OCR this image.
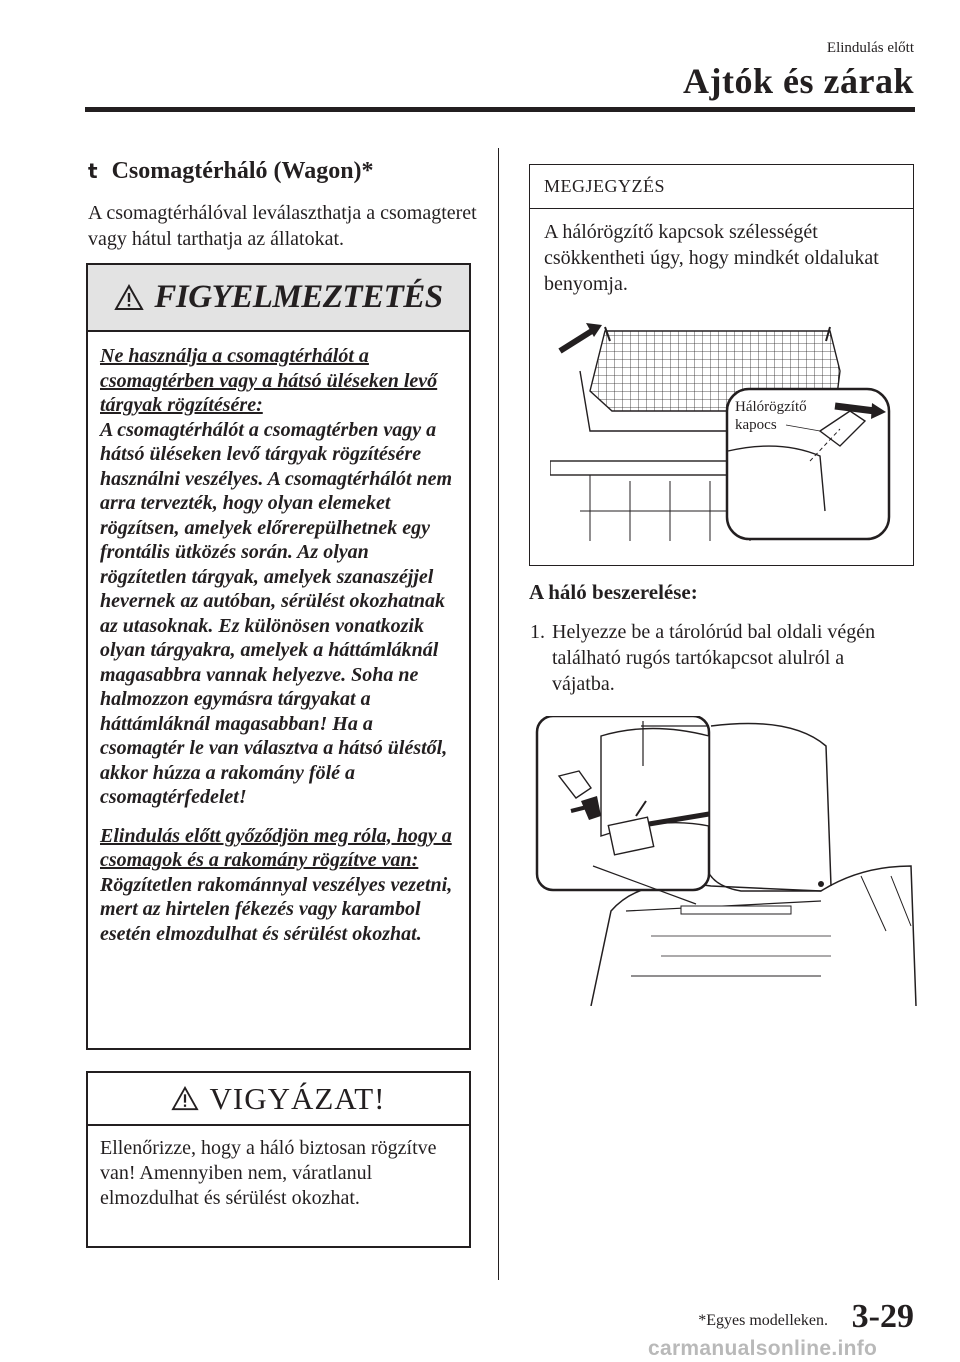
Elindulás előtt
Ajtók és zárak
t Csomagtérháló (Wagon)*
A csomagtérhálóval leválaszthatja a csomagteret vagy hátul tarthatja az állatokat.
FIGYELMEZTETÉS

Ne használja a csomagtérhálót a csomagtérben vagy a hátsó üléseken levő tárgyak rögzítésére:
A csomagtérhálót a csomagtérben vagy a hátsó üléseken levő tárgyak rögzítésére használni veszélyes. A csomagtérhálót nem arra tervezték, hogy olyan elemeket rögzítsen, amelyek előrerepülhetnek egy frontális ütközés során. Az olyan rögzítetlen tárgyak, amelyek szanaszéjjel hevernek az autóban, sérülést okozhatnak az utasoknak. Ez különösen vonatkozik olyan tárgyakra, amelyek a háttámláknál magasabbra vannak helyezve. Soha ne halmozzon egymásra tárgyakat a háttámláknál magasabban! Ha a csomagtér le van választva a hátsó üléstől, akkor húzza a rakomány fölé a csomagtérfedelet!

Elindulás előtt győződjön meg róla, hogy a csomagok és a rakomány rögzítve van:
Rögzítetlen rakománnyal veszélyes vezetni, mert az hirtelen fékezés vagy karambol esetén elmozdulhat és sérülést okozhat.

VIGYÁZAT!
Ellenőrizze, hogy a háló biztosan rögzítve van! Amennyiben nem, váratlanul elmozdulhat és sérülést okozhat.
MEGJEGYZÉS
A hálórögzítő kapcsok szélességét csökkentheti úgy, hogy mindkét oldalukat benyomja.
Hálórögzítő
kapocs
A háló beszerelése:
1. Helyezze be a tárolórúd bal oldali végén található rugós tartókapcsot alulról a vájatba.
*Egyes modelleken. 3-29
carmanualsonline.info
